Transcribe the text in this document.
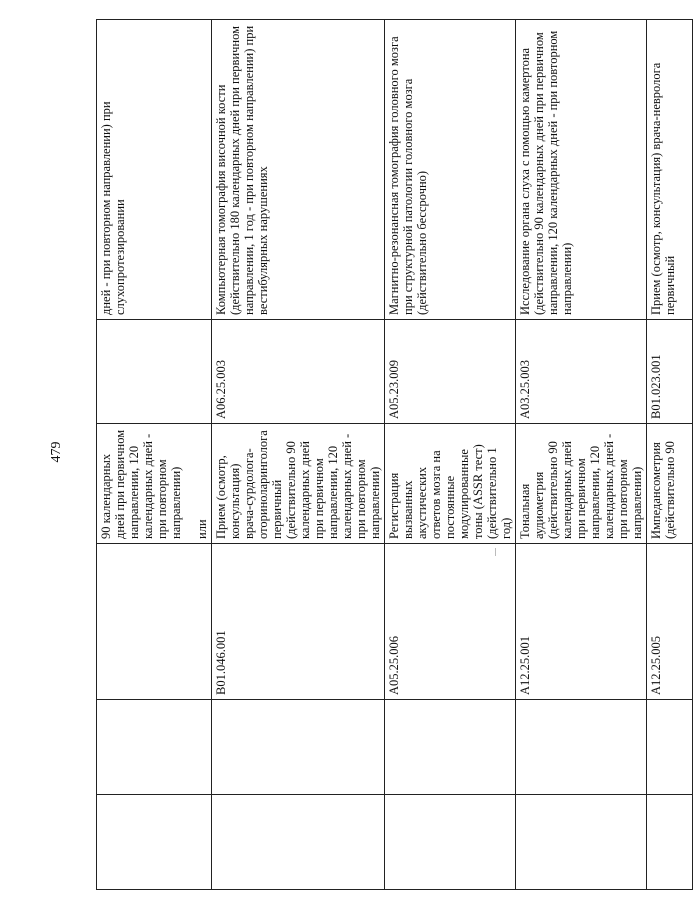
479
			90 календарных дней при первичном направлении, 120 календарных дней - при повторном направлении) или		дней - при повторном направлении) при слухопротезировании
		B01.046.001	Прием (осмотр, консультация) врача-сурдолога-оториноларинголога первичный (действительно 90 календарных дней при первичном направлении, 120 календарных дней - при повторном направлении)	A06.25.003	Компьютерная томография височной кости (действительно 180 календарных дней при первичном направлении, 1 год - при повторном направлении) при вестибулярных нарушениях
		A05.25.006	Регистрация вызванных акустических ответов мозга на постоянные модулированные тоны (ASSR тест) (действительно 1 год)	A05.23.009	Магнитно-резонансная томография головного мозга при структурной патологии головного мозга (действительно бессрочно)
		A12.25.001	Тональная аудиометрия (действительно 90 календарных дней при первичном направлении, 120 календарных дней - при повторном направлении)	A03.25.003	Исследование органа слуха с помощью камертона (действительно 90 календарных дней при первичном направлении, 120 календарных дней - при повторном направлении)
		A12.25.005	Импедансометрия (действительно 90	B01.023.001	Прием (осмотр, консультация) врача-невролога первичный
